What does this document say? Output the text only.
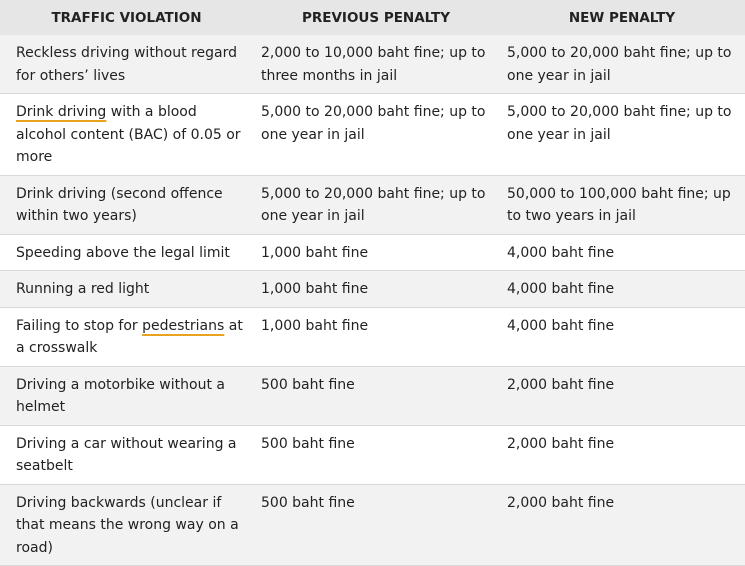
TRAFFIC VIOLATION	PREVIOUS PENALTY	NEW PENALTY
Reckless driving without regard for others’ lives	2,000 to 10,000 baht fine; up to three months in jail	5,000 to 20,000 baht fine; up to one year in jail
Drink driving with a blood alcohol content (BAC) of 0.05 or more	5,000 to 20,000 baht fine; up to one year in jail	5,000 to 20,000 baht fine; up to one year in jail
Drink driving (second offence within two years)	5,000 to 20,000 baht fine; up to one year in jail	50,000 to 100,000 baht fine; up to two years in jail
Speeding above the legal limit	1,000 baht fine	4,000 baht fine
Running a red light	1,000 baht fine	4,000 baht fine
Failing to stop for pedestrians at a crosswalk	1,000 baht fine	4,000 baht fine
Driving a motorbike without a helmet	500 baht fine	2,000 baht fine
Driving a car without wearing a seatbelt	500 baht fine	2,000 baht fine
Driving backwards (unclear if that means the wrong way on a road)	500 baht fine	2,000 baht fine
